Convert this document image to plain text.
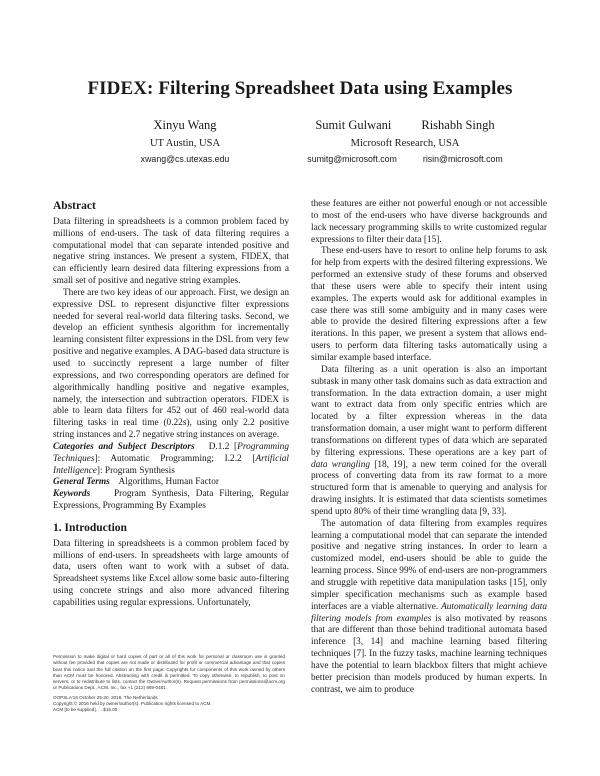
FIDEX: Filtering Spreadsheet Data using Examples
Xinyu Wang
UT Austin, USA
xwang@cs.utexas.edu
Sumit Gulwani Rishabh Singh
Microsoft Research, USA
sumitg@microsoft.com	risin@microsoft.com
Abstract

Data filtering in spreadsheets is a common problem faced by millions of end-users. The task of data filtering requires a computational model that can separate intended positive and negative string instances. We present a system, FIDEX, that can efficiently learn desired data filtering expressions from a small set of positive and negative string examples.

There are two key ideas of our approach. First, we design an expressive DSL to represent disjunctive filter expressions needed for several real-world data filtering tasks. Second, we develop an efficient synthesis algorithm for incrementally learning consistent filter expressions in the DSL from very few positive and negative examples. A DAG-based data structure is used to succinctly represent a large number of filter expressions, and two corresponding operators are defined for algorithmically handling positive and negative examples, namely, the intersection and subtraction operators. FIDEX is able to learn data filters for 452 out of 460 real-world data filtering tasks in real time (0.22s), using only 2.2 positive string instances and 2.7 negative string instances on average.

Categories and Subject Descriptors D.1.2 [Programming Techniques]: Automatic Programming; I.2.2 [Artificial Intelligence]: Program Synthesis

General Terms Algorithms, Human Factor

Keywords	Program Synthesis, Data Filtering, Regular Expressions, Programming By Examples

1. Introduction

Data filtering in spreadsheets is a common problem faced by millions of end-users. In spreadsheets with large amounts of data, users often want to work with a subset of data. Spreadsheet systems like Excel allow some basic auto-filtering using concrete strings and also more advanced filtering capabilities using regular expressions. Unfortunately,

Permission to make digital or hard copies of part or all of this work for personal or classroom use is granted without fee provided that copies are not made or distributed for profit or commercial advantage and that copies bear this notice and the full citation on the first page. Copyrights for components of this work owned by others than ACM must be honored. Abstracting with credit is permitted. To copy otherwise, to republish, to post on servers, or to redistribute to lists, contact the Owner/Author(s). Request permissions from permissions@acm.org or Publications Dept., ACM, Inc., fax +1 (212) 869-0481.

OOPSLA'16 October 25-30, 2016, The Netherlands

Copyright © 2016 held by owner/author(s). Publication rights licensed to ACM.

ACM [to be supplied]. . . $15.00

these features are either not powerful enough or not accessible to most of the end-users who have diverse backgrounds and lack necessary programming skills to write customized regular expressions to filter their data [15].

These end-users have to resort to online help forums to ask for help from experts with the desired filtering expressions. We performed an extensive study of these forums and observed that these users were able to specify their intent using examples. The experts would ask for additional examples in case there was still some ambiguity and in many cases were able to provide the desired filtering expressions after a few iterations. In this paper, we present a system that allows end-users to perform data filtering tasks automatically using a similar example based interface.

Data filtering as a unit operation is also an important subtask in many other task domains such as data extraction and transformation. In the data extraction domain, a user might want to extract data from only specific entries which are located by a filter expression whereas in the data transformation domain, a user might want to perform different transformations on different types of data which are separated by filtering expressions. These operations are a key part of data wrangling [18, 19], a new term coined for the overall process of converting data from its raw format to a more structured form that is amenable to querying and analysis for drawing insights. It is estimated that data scientists sometimes spend upto 80% of their time wrangling data [9, 33].

The automation of data filtering from examples requires learning a computational model that can separate the intended positive and negative string instances. In order to learn a customized model, end-users should be able to guide the learning process. Since 99% of end-users are non-programmers and struggle with repetitive data manipulation tasks [15], only simpler specification mechanisms such as example based interfaces are a viable alternative. Automatically learning data filtering models from examples is also motivated by reasons that are different than those behind traditional automata based inference [3, 14] and machine learning based filtering techniques [7]. In the fuzzy tasks, machine learning techniques have the potential to learn blackbox filters that might achieve better precision than models produced by human experts. In contrast, we aim to produce
